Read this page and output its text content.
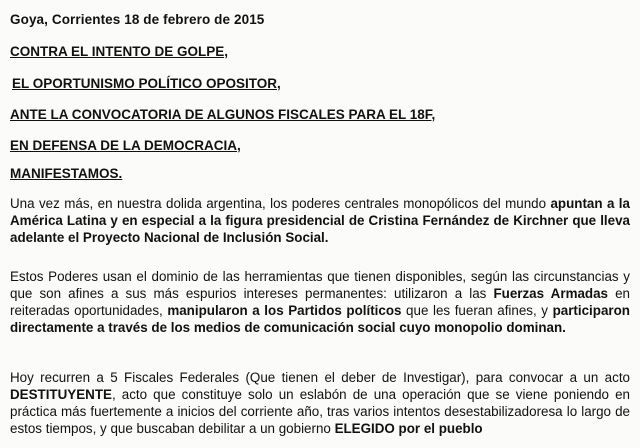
Goya, Corrientes 18 de febrero de 2015
CONTRA EL INTENTO DE GOLPE,
EL OPORTUNISMO POLÍTICO OPOSITOR,
ANTE LA CONVOCATORIA DE ALGUNOS FISCALES PARA EL 18F,
EN DEFENSA DE LA DEMOCRACIA,
MANIFESTAMOS.

Una vez más, en nuestra dolida argentina, los poderes centrales monopólicos del mundo apuntan a la América Latina y en especial a la figura presidencial de Cristina Fernández de Kirchner que lleva adelante el Proyecto Nacional de Inclusión Social.

Estos Poderes usan el dominio de las herramientas que tienen disponibles, según las circunstancias y que son afines a sus más espurios intereses permanentes: utilizaron a las Fuerzas Armadas en reiteradas oportunidades, manipularon a los Partidos políticos que les fueran afines, y participaron directamente a través de los medios de comunicación social cuyo monopolio dominan.

Hoy recurren a 5 Fiscales Federales (Que tienen el deber de Investigar), para convocar a un acto DESTITUYENTE, acto que constituye solo un eslabón de una operación que se viene poniendo en práctica más fuertemente a inicios del corriente año, tras varios intentos desestabilizadoresa lo largo de estos tiempos, y que buscaban debilitar a un gobierno ELEGIDO por el pueblo
